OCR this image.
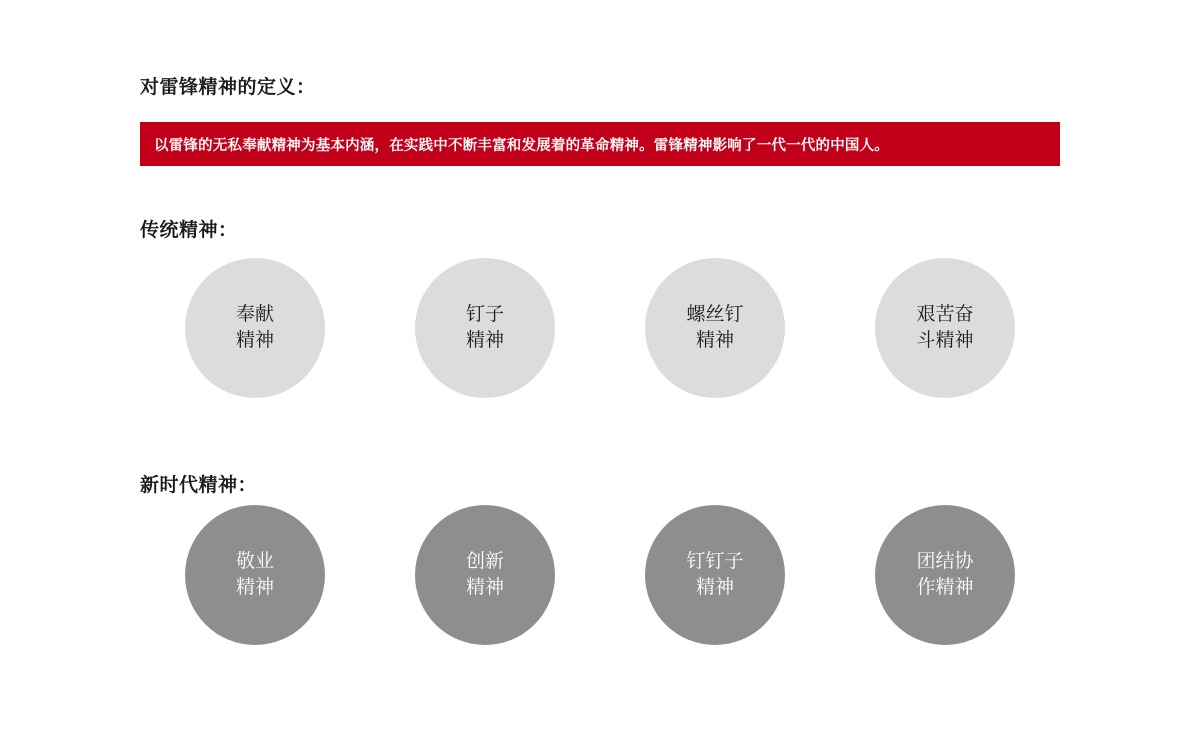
对雷锋精神的定义：
以雷锋的无私奉献精神为基本内涵，在实践中不断丰富和发展着的革命精神。雷锋精神影响了一代一代的中国人。
传统精神：
奉献
精神
钉子
精神
螺丝钉
精神
艰苦奋
斗精神
新时代精神：
敬业
精神
创新
精神
钉钉子
精神
团结协
作精神
